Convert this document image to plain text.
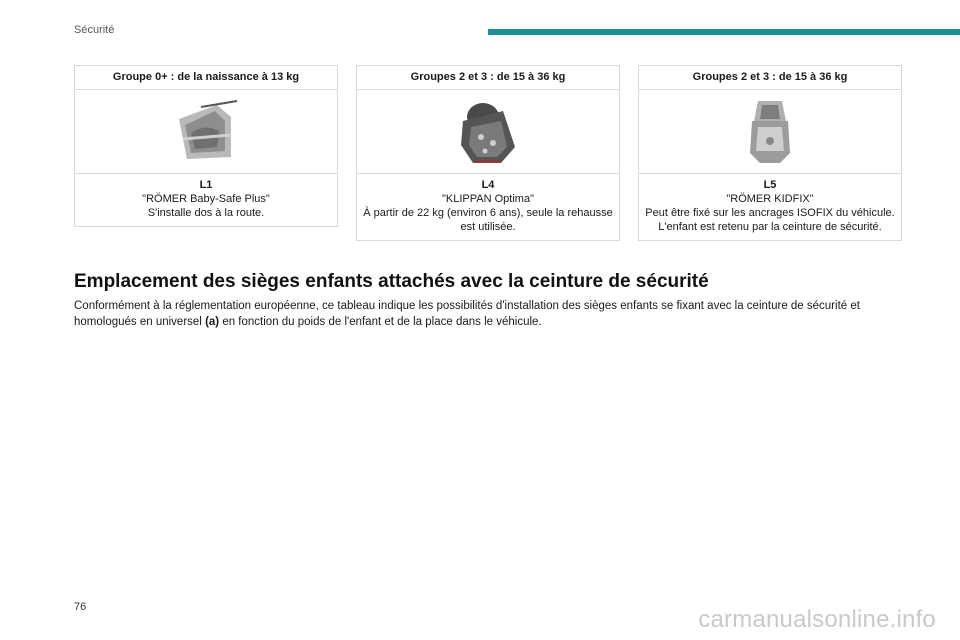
Sécurité
Groupe 0+ : de la naissance à 13 kg
L1
"RÖMER Baby-Safe Plus"
S'installe dos à la route.
Groupes 2 et 3 : de 15 à 36 kg
L4
"KLIPPAN Optima"
À partir de 22 kg (environ 6 ans), seule la rehausse est utilisée.
Groupes 2 et 3 : de 15 à 36 kg
L5
"RÖMER KIDFIX"
Peut être fixé sur les ancrages ISOFIX du véhicule.
L'enfant est retenu par la ceinture de sécurité.
Emplacement des sièges enfants attachés avec la ceinture de sécurité

Conformément à la réglementation européenne, ce tableau indique les possibilités d'installation des sièges enfants se fixant avec la ceinture de sécurité et homologués en universel (a) en fonction du poids de l'enfant et de la place dans le véhicule.

76	carmanualsonline.info
